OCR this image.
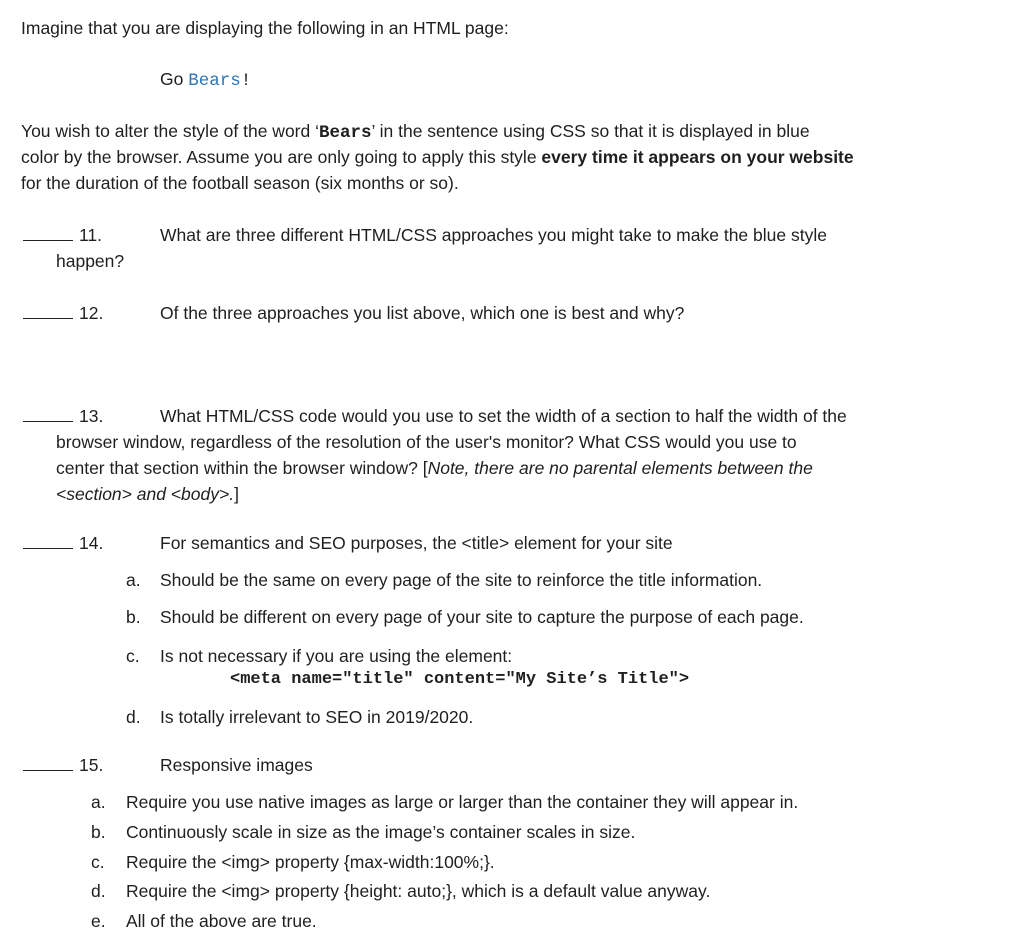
Imagine that you are displaying the following in an HTML page:
Go Bears!
You wish to alter the style of the word ‘Bears’ in the sentence using CSS so that it is displayed in blue
color by the browser. Assume you are only going to apply this style every time it appears on your website
for the duration of the football season (six months or so).
11.	What are three different HTML/CSS approaches you might take to make the blue style
happen?
12.	Of the three approaches you list above, which one is best and why?
13.	What HTML/CSS code would you use to set the width of a section to half the width of the
browser window, regardless of the resolution of the user's monitor? What CSS would you use to
center that section within the browser window? [Note, there are no parental elements between the
<section> and <body>.]
14.	For semantics and SEO purposes, the <title> element for your site
a. Should be the same on every page of the site to reinforce the title information.
b. Should be different on every page of your site to capture the purpose of each page.
c. Is not necessary if you are using the element:
<meta name="title" content="My Site’s Title">
d. Is totally irrelevant to SEO in 2019/2020.
15.	Responsive images
a. Require you use native images as large or larger than the container they will appear in.
b. Continuously scale in size as the image’s container scales in size.
c. Require the <img> property {max-width:100%;}.
d. Require the <img> property {height: auto;}, which is a default value anyway.
e. All of the above are true.
